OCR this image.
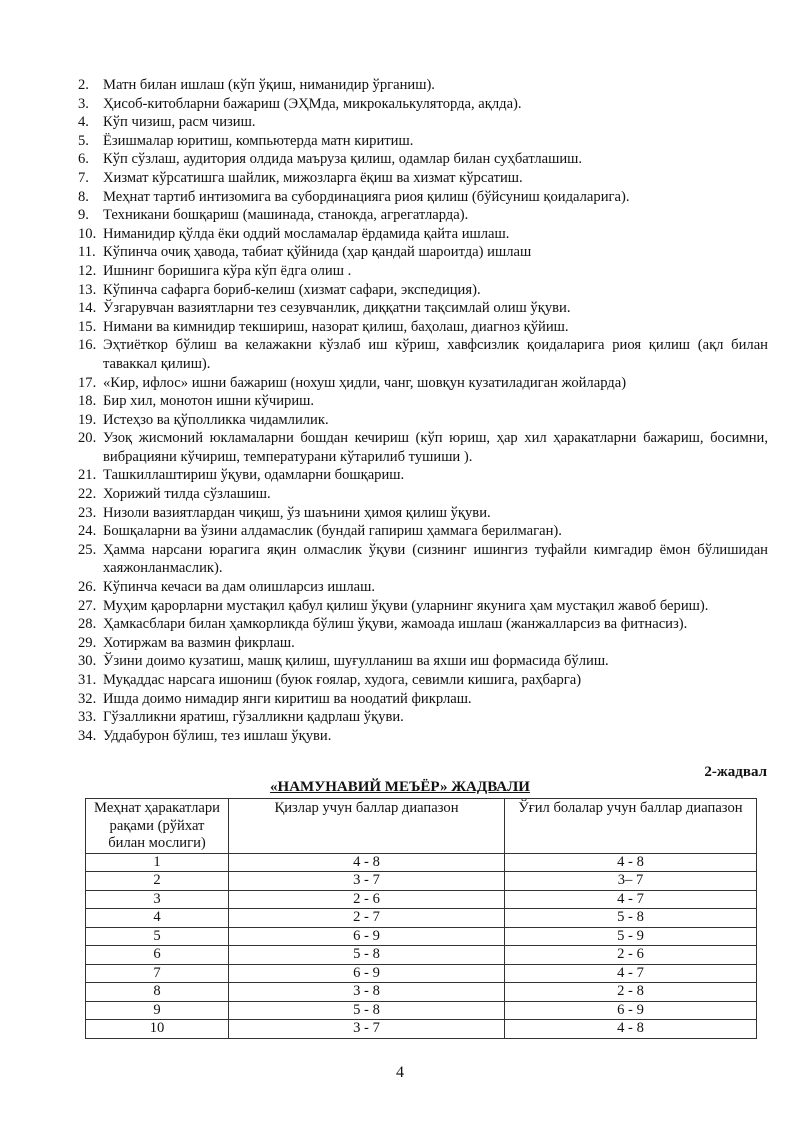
2. Матн билан ишлаш (кўп ўқиш, ниманидир ўрганиш).
3. Ҳисоб-китобларни бажариш (ЭҲМда, микрокалькуляторда, ақлда).
4. Кўп чизиш, расм чизиш.
5. Ёзишмалар юритиш, компьютерда матн киритиш.
6. Кўп сўзлаш, аудитория олдида маъруза қилиш, одамлар билан суҳбатлашиш.
7. Хизмат кўрсатишга шайлик, мижозларга ёқиш ва хизмат кўрсатиш.
8. Меҳнат тартиб интизомига ва субординацияга риоя қилиш (бўйсуниш қоидаларига).
9. Техникани бошқариш (машинада, станокда, агрегатларда).
10. Ниманидир қўлда ёки оддий мосламалар ёрдамида қайта ишлаш.
11. Кўпинча очиқ ҳавода, табиат қўйнида (ҳар қандай шароитда) ишлаш
12. Ишнинг боришига кўра кўп ёдга олиш .
13. Кўпинча сафарга бориб-келиш (хизмат сафари, экспедиция).
14. Ўзгарувчан вазиятларни тез сезувчанлик, диққатни тақсимлай олиш ўқуви.
15. Нимани ва кимнидир текшириш, назорат қилиш, баҳолаш, диагноз қўйиш.
16. Эҳтиёткор бўлиш ва келажакни кўзлаб иш кўриш, хавфсизлик қоидаларига риоя қилиш (ақл билан таваккал қилиш).
17. «Кир, ифлос» ишни бажариш (нохуш ҳидли, чанг, шовқун кузатиладиган жойларда)
18. Бир хил, монотон ишни кўчириш.
19. Истеҳзо ва қўполликка чидамлилик.
20. Узоқ жисмоний юкламаларни бошдан кечириш (кўп юриш, ҳар хил ҳаракатларни бажариш, босимни, вибрацияни кўчириш, температурани кўтарилиб тушиши ).
21. Ташкиллаштириш ўқуви, одамларни бошқариш.
22. Хорижий тилда сўзлашиш.
23. Низоли вазиятлардан чиқиш, ўз шаънини ҳимоя қилиш ўқуви.
24. Бошқаларни ва ўзини алдамаслик (бундай гапириш ҳаммага берилмаган).
25. Ҳамма нарсани юрагига яқин олмаслик ўқуви (сизнинг ишингиз туфайли кимгадир ёмон бўлишидан хаяжонланмаслик).
26. Кўпинча кечаси ва дам олишларсиз ишлаш.
27. Муҳим қарорларни мустақил қабул қилиш ўқуви (уларнинг якунига ҳам мустақил жавоб бериш).
28. Ҳамкасблари билан ҳамкорликда бўлиш ўқуви, жамоада ишлаш (жанжалларсиз ва фитнасиз).
29. Хотиржам ва вазмин фикрлаш.
30. Ўзини доимо кузатиш, машқ қилиш, шуғулланиш ва яхши иш формасида бўлиш.
31. Муқаддас нарсага ишониш (буюк ғоялар, худога, севимли кишига, раҳбарга)
32. Ишда доимо нимадир янги киритиш ва ноодатий фикрлаш.
33. Гўзалликни яратиш, гўзалликни қадрлаш ўқуви.
34. Уддабурон бўлиш, тез ишлаш ўқуви.
2-жадвал
«НАМУНАВИЙ МЕЪЁР» ЖАДВАЛИ
Меҳнат ҳаракатлари рақами (рўйхат билан мослиги)	Қизлар учун баллар диапазон	Ўғил болалар учун баллар диапазон
1	4 - 8	4 - 8
2	3 - 7	3– 7
3	2 - 6	4 - 7
4	2 - 7	5 - 8
5	6 - 9	5 - 9
6	5 - 8	2 - 6
7	6 - 9	4 - 7
8	3 - 8	2 - 8
9	5 - 8	6 - 9
10	3 - 7	4 - 8
4
